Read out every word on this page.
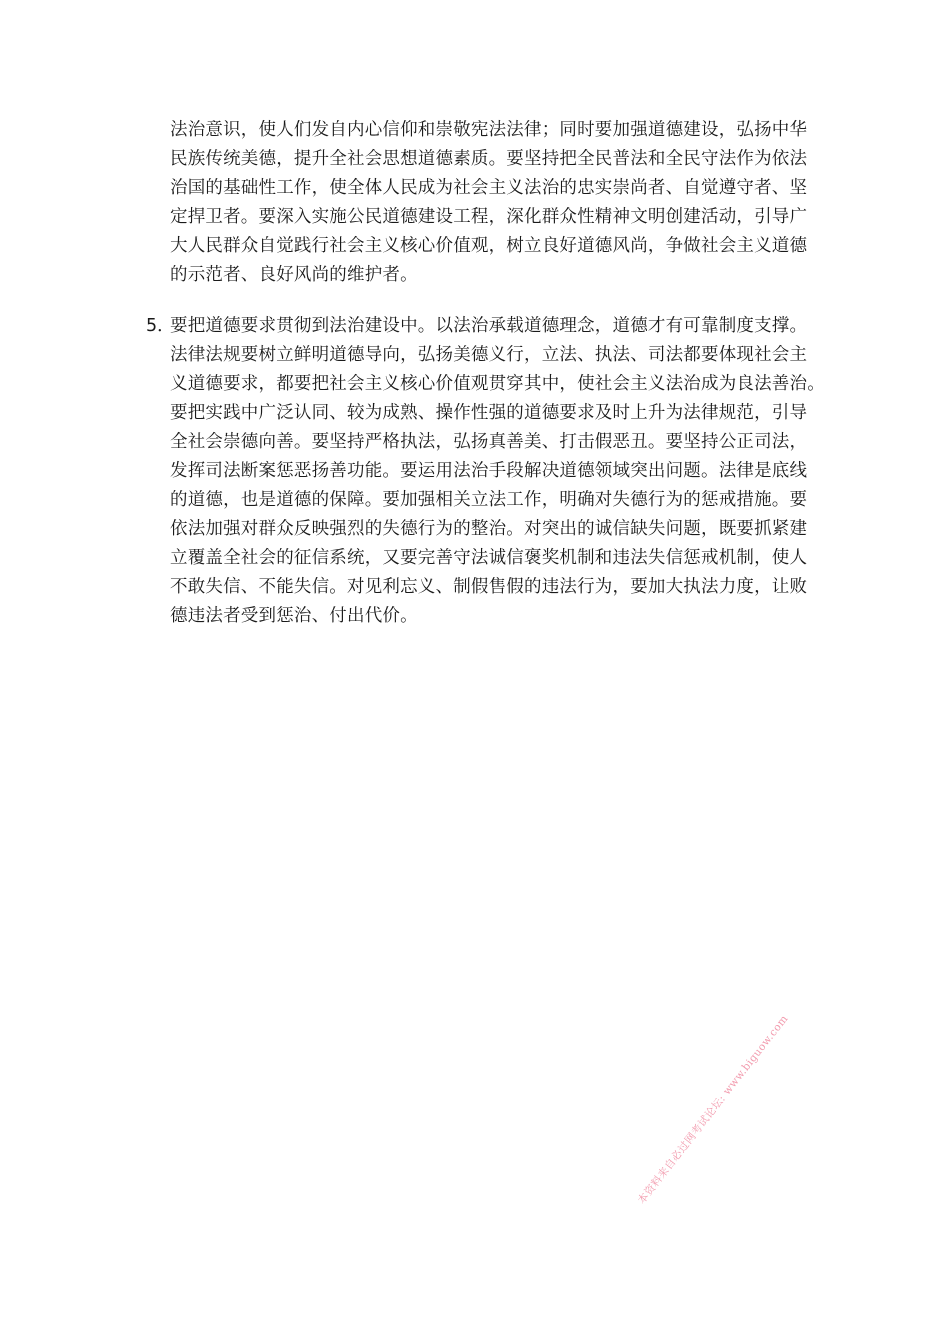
法治意识，使人们发自内心信仰和崇敬宪法法律；同时要加强道德建设，弘扬中华
民族传统美德，提升全社会思想道德素质。要坚持把全民普法和全民守法作为依法
治国的基础性工作，使全体人民成为社会主义法治的忠实崇尚者、自觉遵守者、坚
定捍卫者。要深入实施公民道德建设工程，深化群众性精神文明创建活动，引导广
大人民群众自觉践行社会主义核心价值观，树立良好道德风尚，争做社会主义道德
的示范者、良好风尚的维护者。
5．
要把道德要求贯彻到法治建设中。以法治承载道德理念，道德才有可靠制度支撑。
法律法规要树立鲜明道德导向，弘扬美德义行，立法、执法、司法都要体现社会主
义道德要求，都要把社会主义核心价值观贯穿其中，使社会主义法治成为良法善治。
要把实践中广泛认同、较为成熟、操作性强的道德要求及时上升为法律规范，引导
全社会崇德向善。要坚持严格执法，弘扬真善美、打击假恶丑。要坚持公正司法，
发挥司法断案惩恶扬善功能。要运用法治手段解决道德领域突出问题。法律是底线
的道德，也是道德的保障。要加强相关立法工作，明确对失德行为的惩戒措施。要
依法加强对群众反映强烈的失德行为的整治。对突出的诚信缺失问题，既要抓紧建
立覆盖全社会的征信系统，又要完善守法诚信褒奖机制和违法失信惩戒机制，使人
不敢失信、不能失信。对见利忘义、制假售假的违法行为，要加大执法力度，让败
德违法者受到惩治、付出代价。
本资料来自必过网考试论坛: www.biguow.com
